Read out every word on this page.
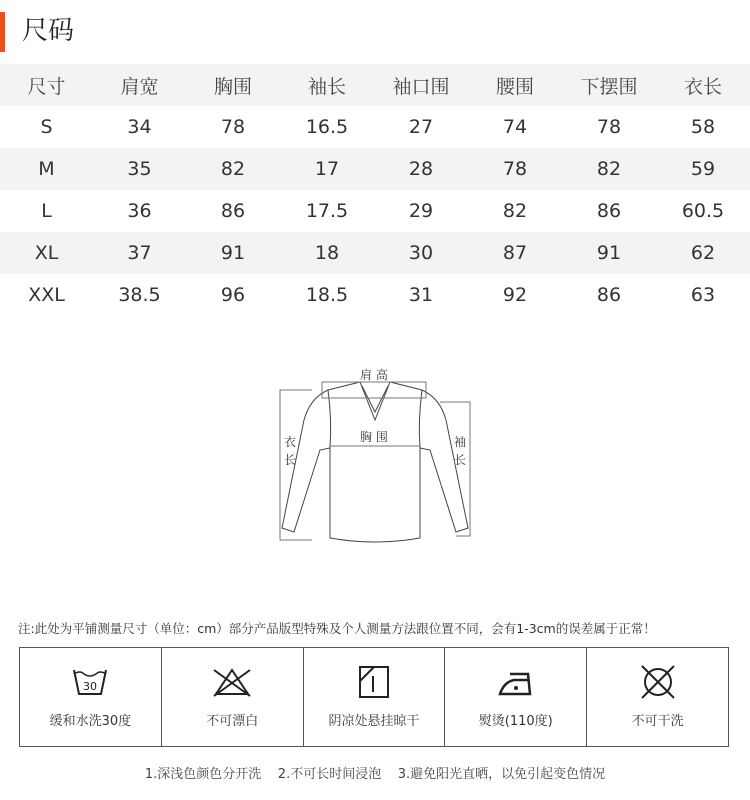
尺码
尺寸	肩宽	胸围	袖长	袖口围	腰围	下摆围	衣长
S	34	78	16.5	27	74	78	58
M	35	82	17	28	78	82	59
L	36	86	17.5	29	82	86	60.5
XL	37	91	18	30	87	91	62
XXL	38.5	96	18.5	31	92	86	63
肩 高
胸 围
衣
长
袖
长
注:此处为平铺测量尺寸（单位：cm）部分产品版型特殊及个人测量方法跟位置不同，会有1-3cm的误差属于正常！
30
缓和水洗30度	不可漂白	阴凉处悬挂晾干	熨烫(110度)	不可干洗
1.深浅色颜色分开洗    2.不可长时间浸泡    3.避免阳光直晒，以免引起变色情况
